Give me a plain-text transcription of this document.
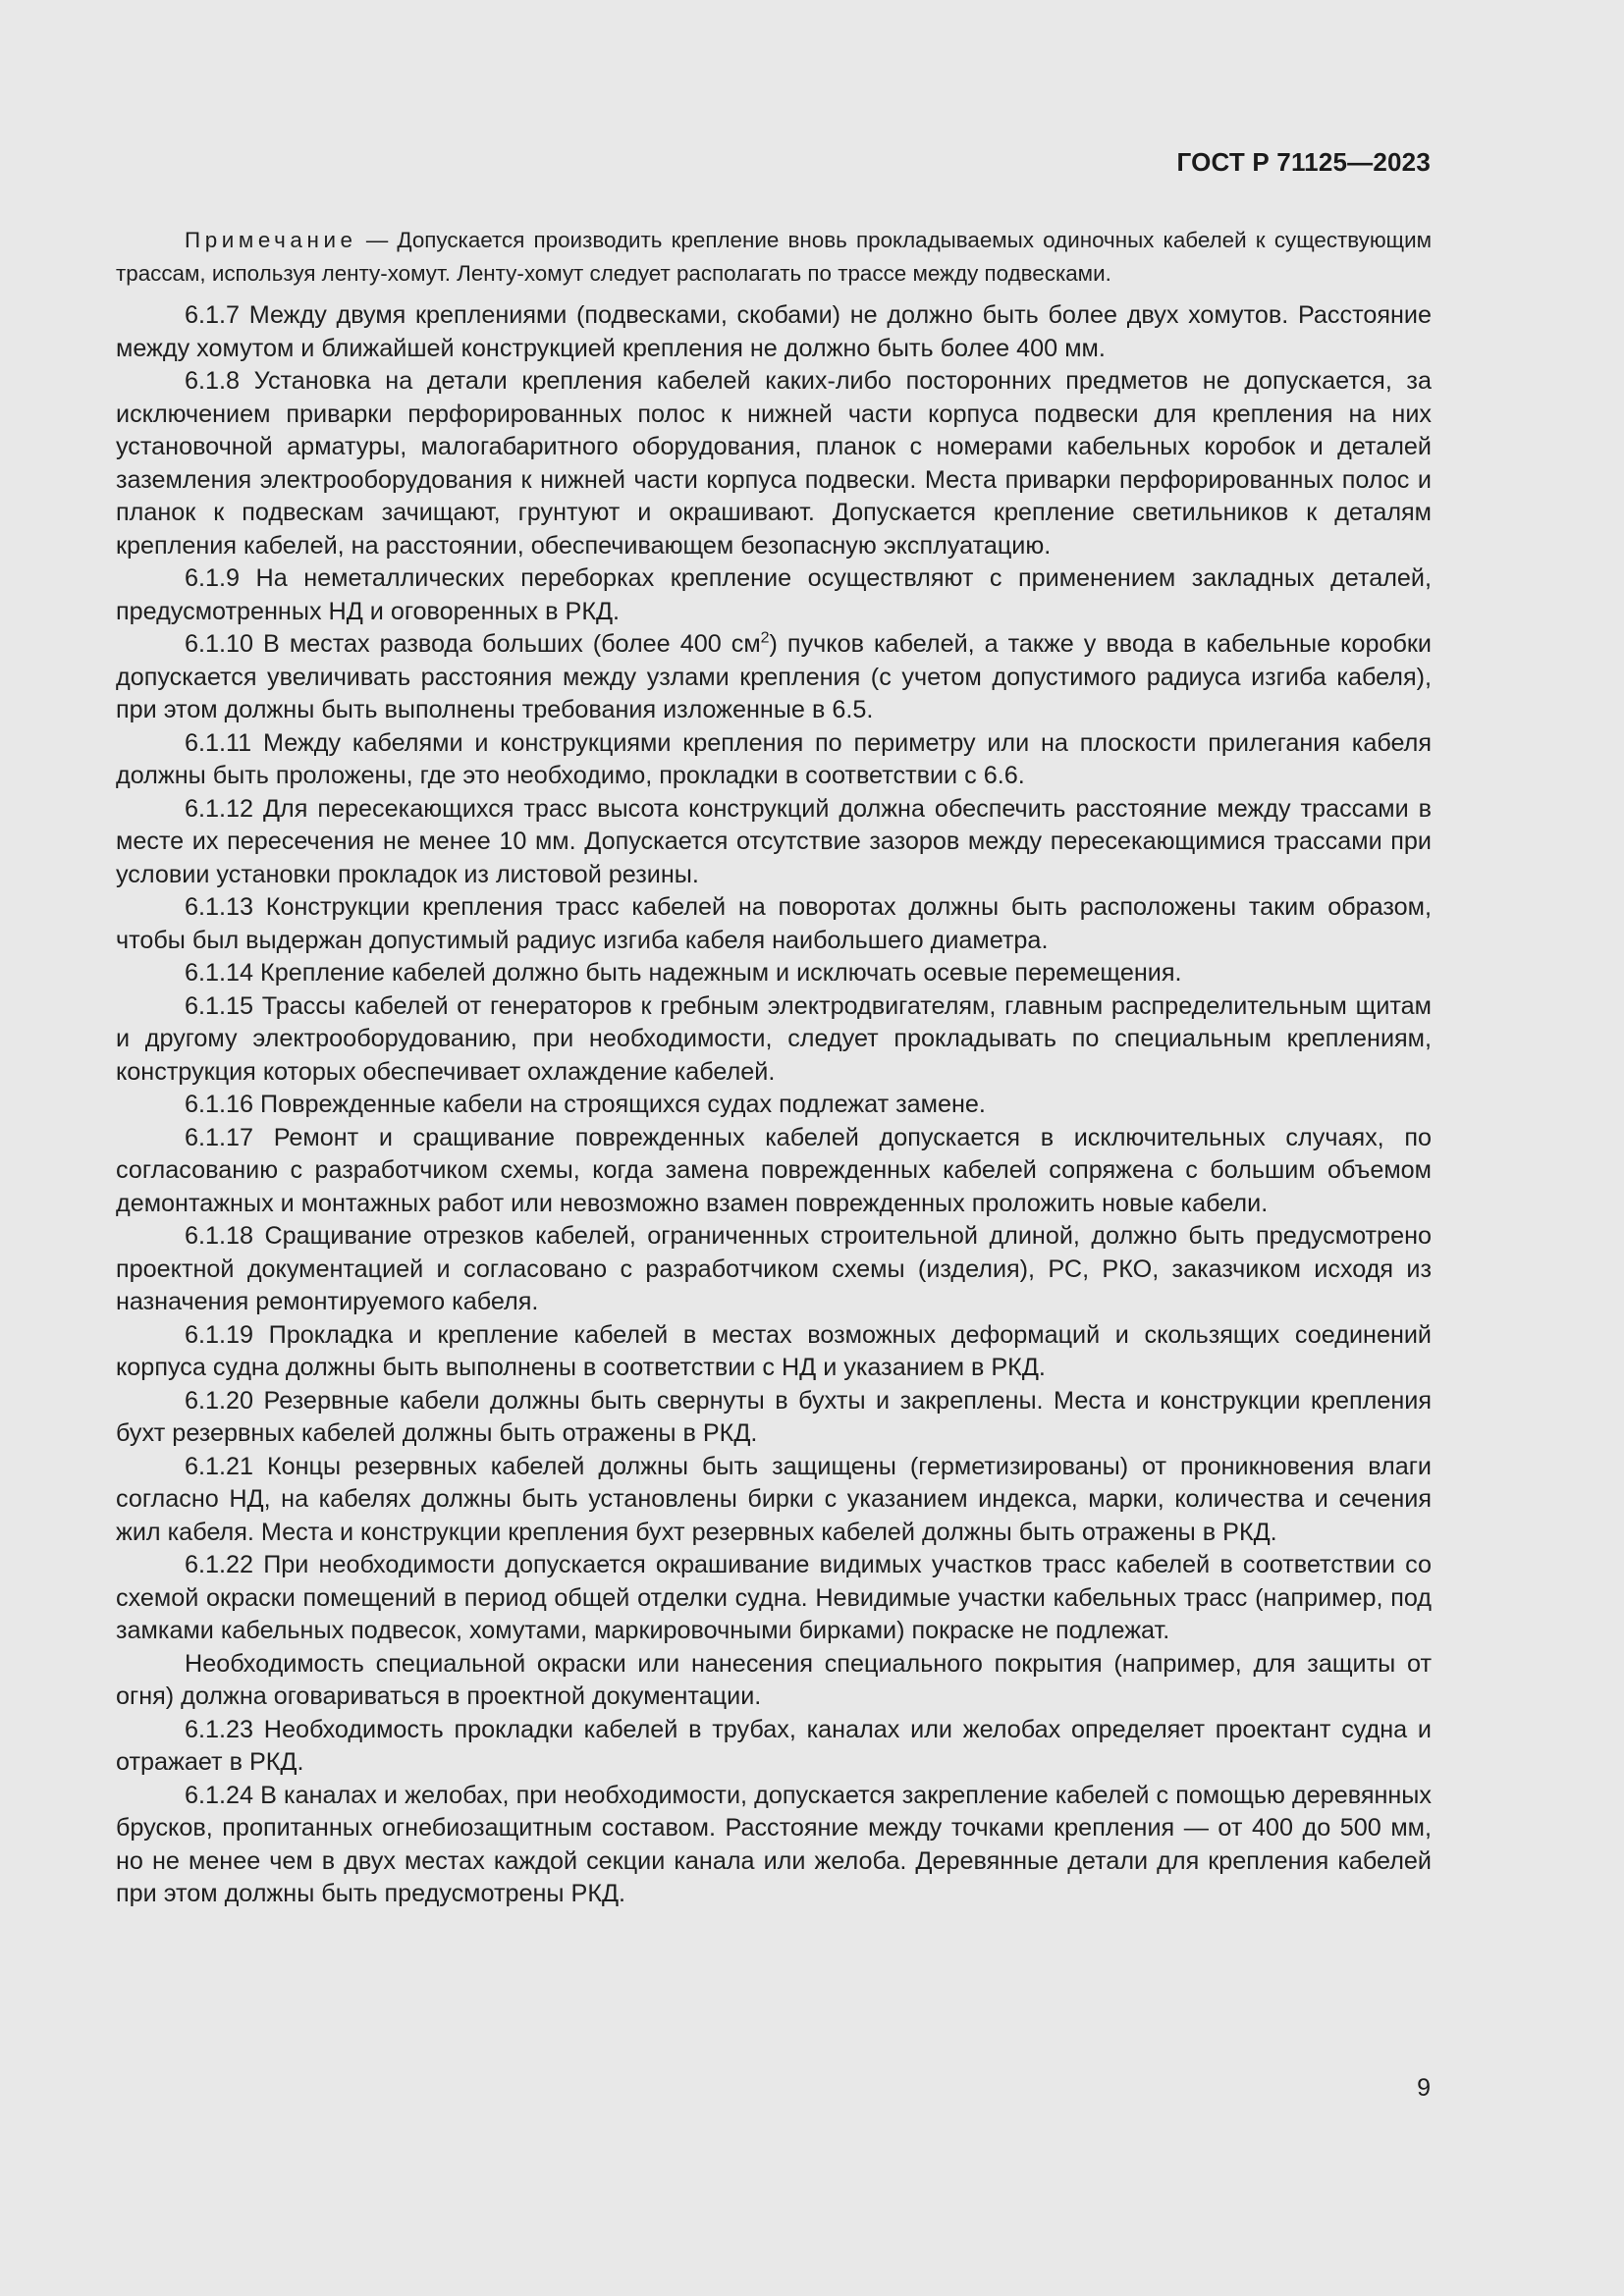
ГОСТ Р 71125—2023

Примечание — Допускается производить крепление вновь прокладываемых одиночных кабелей к существующим трассам, используя ленту-хомут. Ленту-хомут следует располагать по трассе между подвесками.

6.1.7 Между двумя креплениями (подвесками, скобами) не должно быть более двух хомутов. Расстояние между хомутом и ближайшей конструкцией крепления не должно быть более 400 мм.

6.1.8 Установка на детали крепления кабелей каких-либо посторонних предметов не допускается, за исключением приварки перфорированных полос к нижней части корпуса подвески для крепления на них установочной арматуры, малогабаритного оборудования, планок с номерами кабельных коробок и деталей заземления электрооборудования к нижней части корпуса подвески. Места приварки перфорированных полос и планок к подвескам зачищают, грунтуют и окрашивают. Допускается крепление светильников к деталям крепления кабелей, на расстоянии, обеспечивающем безопасную эксплуатацию.

6.1.9 На неметаллических переборках крепление осуществляют с применением закладных деталей, предусмотренных НД и оговоренных в РКД.

6.1.10 В местах развода больших (более 400 $см^2$) пучков кабелей, а также у ввода в кабельные коробки допускается увеличивать расстояния между узлами крепления (с учетом допустимого радиуса изгиба кабеля), при этом должны быть выполнены требования изложенные в 6.5.

6.1.11 Между кабелями и конструкциями крепления по периметру или на плоскости прилегания кабеля должны быть проложены, где это необходимо, прокладки в соответствии с 6.6.

6.1.12 Для пересекающихся трасс высота конструкций должна обеспечить расстояние между трассами в месте их пересечения не менее 10 мм. Допускается отсутствие зазоров между пересекающимися трассами при условии установки прокладок из листовой резины.

6.1.13 Конструкции крепления трасс кабелей на поворотах должны быть расположены таким образом, чтобы был выдержан допустимый радиус изгиба кабеля наибольшего диаметра.

6.1.14 Крепление кабелей должно быть надежным и исключать осевые перемещения.

6.1.15 Трассы кабелей от генераторов к гребным электродвигателям, главным распределительным щитам и другому электрооборудованию, при необходимости, следует прокладывать по специальным креплениям, конструкция которых обеспечивает охлаждение кабелей.

6.1.16 Поврежденные кабели на строящихся судах подлежат замене.

6.1.17 Ремонт и сращивание поврежденных кабелей допускается в исключительных случаях, по согласованию с разработчиком схемы, когда замена поврежденных кабелей сопряжена с большим объемом демонтажных и монтажных работ или невозможно взамен поврежденных проложить новые кабели.

6.1.18 Сращивание отрезков кабелей, ограниченных строительной длиной, должно быть предусмотрено проектной документацией и согласовано с разработчиком схемы (изделия), РС, РКО, заказчиком исходя из назначения ремонтируемого кабеля.

6.1.19 Прокладка и крепление кабелей в местах возможных деформаций и скользящих соединений корпуса судна должны быть выполнены в соответствии с НД и указанием в РКД.

6.1.20 Резервные кабели должны быть свернуты в бухты и закреплены. Места и конструкции крепления бухт резервных кабелей должны быть отражены в РКД.

6.1.21 Концы резервных кабелей должны быть защищены (герметизированы) от проникновения влаги согласно НД, на кабелях должны быть установлены бирки с указанием индекса, марки, количества и сечения жил кабеля. Места и конструкции крепления бухт резервных кабелей должны быть отражены в РКД.

6.1.22 При необходимости допускается окрашивание видимых участков трасс кабелей в соответствии со схемой окраски помещений в период общей отделки судна. Невидимые участки кабельных трасс (например, под замками кабельных подвесок, хомутами, маркировочными бирками) покраске не подлежат.

Необходимость специальной окраски или нанесения специального покрытия (например, для защиты от огня) должна оговариваться в проектной документации.

6.1.23 Необходимость прокладки кабелей в трубах, каналах или желобах определяет проектант судна и отражает в РКД.

6.1.24 В каналах и желобах, при необходимости, допускается закрепление кабелей с помощью деревянных брусков, пропитанных огнебиозащитным составом. Расстояние между точками крепления — от 400 до 500 мм, но не менее чем в двух местах каждой секции канала или желоба. Деревянные детали для крепления кабелей при этом должны быть предусмотрены РКД.

9
